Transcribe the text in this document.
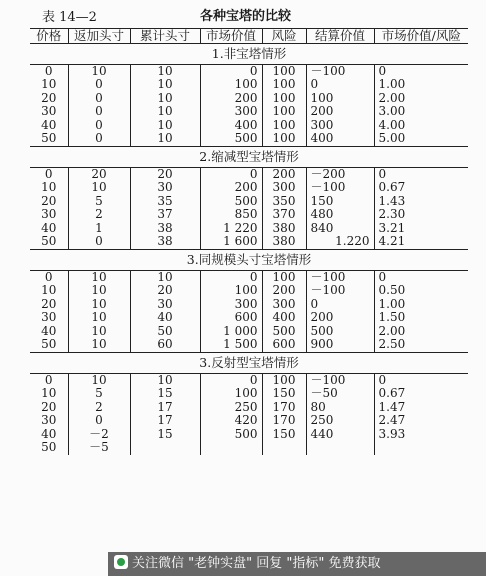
表 14—2	各种宝塔的比较
价格	返加头寸	累计头寸	市场价值	风险	结算价值	市场价值/风险
1.非宝塔情形						
0	10	10	0	100	－100	0
10	0	10	100	100	0	1.00
20	0	10	200	100	100	2.00
30	0	10	300	100	200	3.00
40	0	10	400	100	300	4.00
50	0	10	500	100	400	5.00
2.缩减型宝塔情形						
0	20	20	0	200	－200	0
10	10	30	200	300	－100	0.67
20	5	35	500	350	150	1.43
30	2	37	850	370	480	2.30
40	1	38	1 220	380	840	3.21
50	0	38	1 600	380	1.220	4.21
3.同规模头寸宝塔情形						
0	10	10	0	100	－100	0
10	10	20	100	200	－100	0.50
20	10	30	300	300	0	1.00
30	10	40	600	400	200	1.50
40	10	50	1 000	500	500	2.00
50	10	60	1 500	600	900	2.50
3.反射型宝塔情形						
0	10	10	0	100	－100	0
10	5	15	100	150	－50	0.67
20	2	17	250	170	80	1.47
30	0	17	420	170	250	2.47
40	－2	15	500	150	440	3.93
50	－5					
关注微信 "老钟实盘" 回复 "指标" 免费获取
